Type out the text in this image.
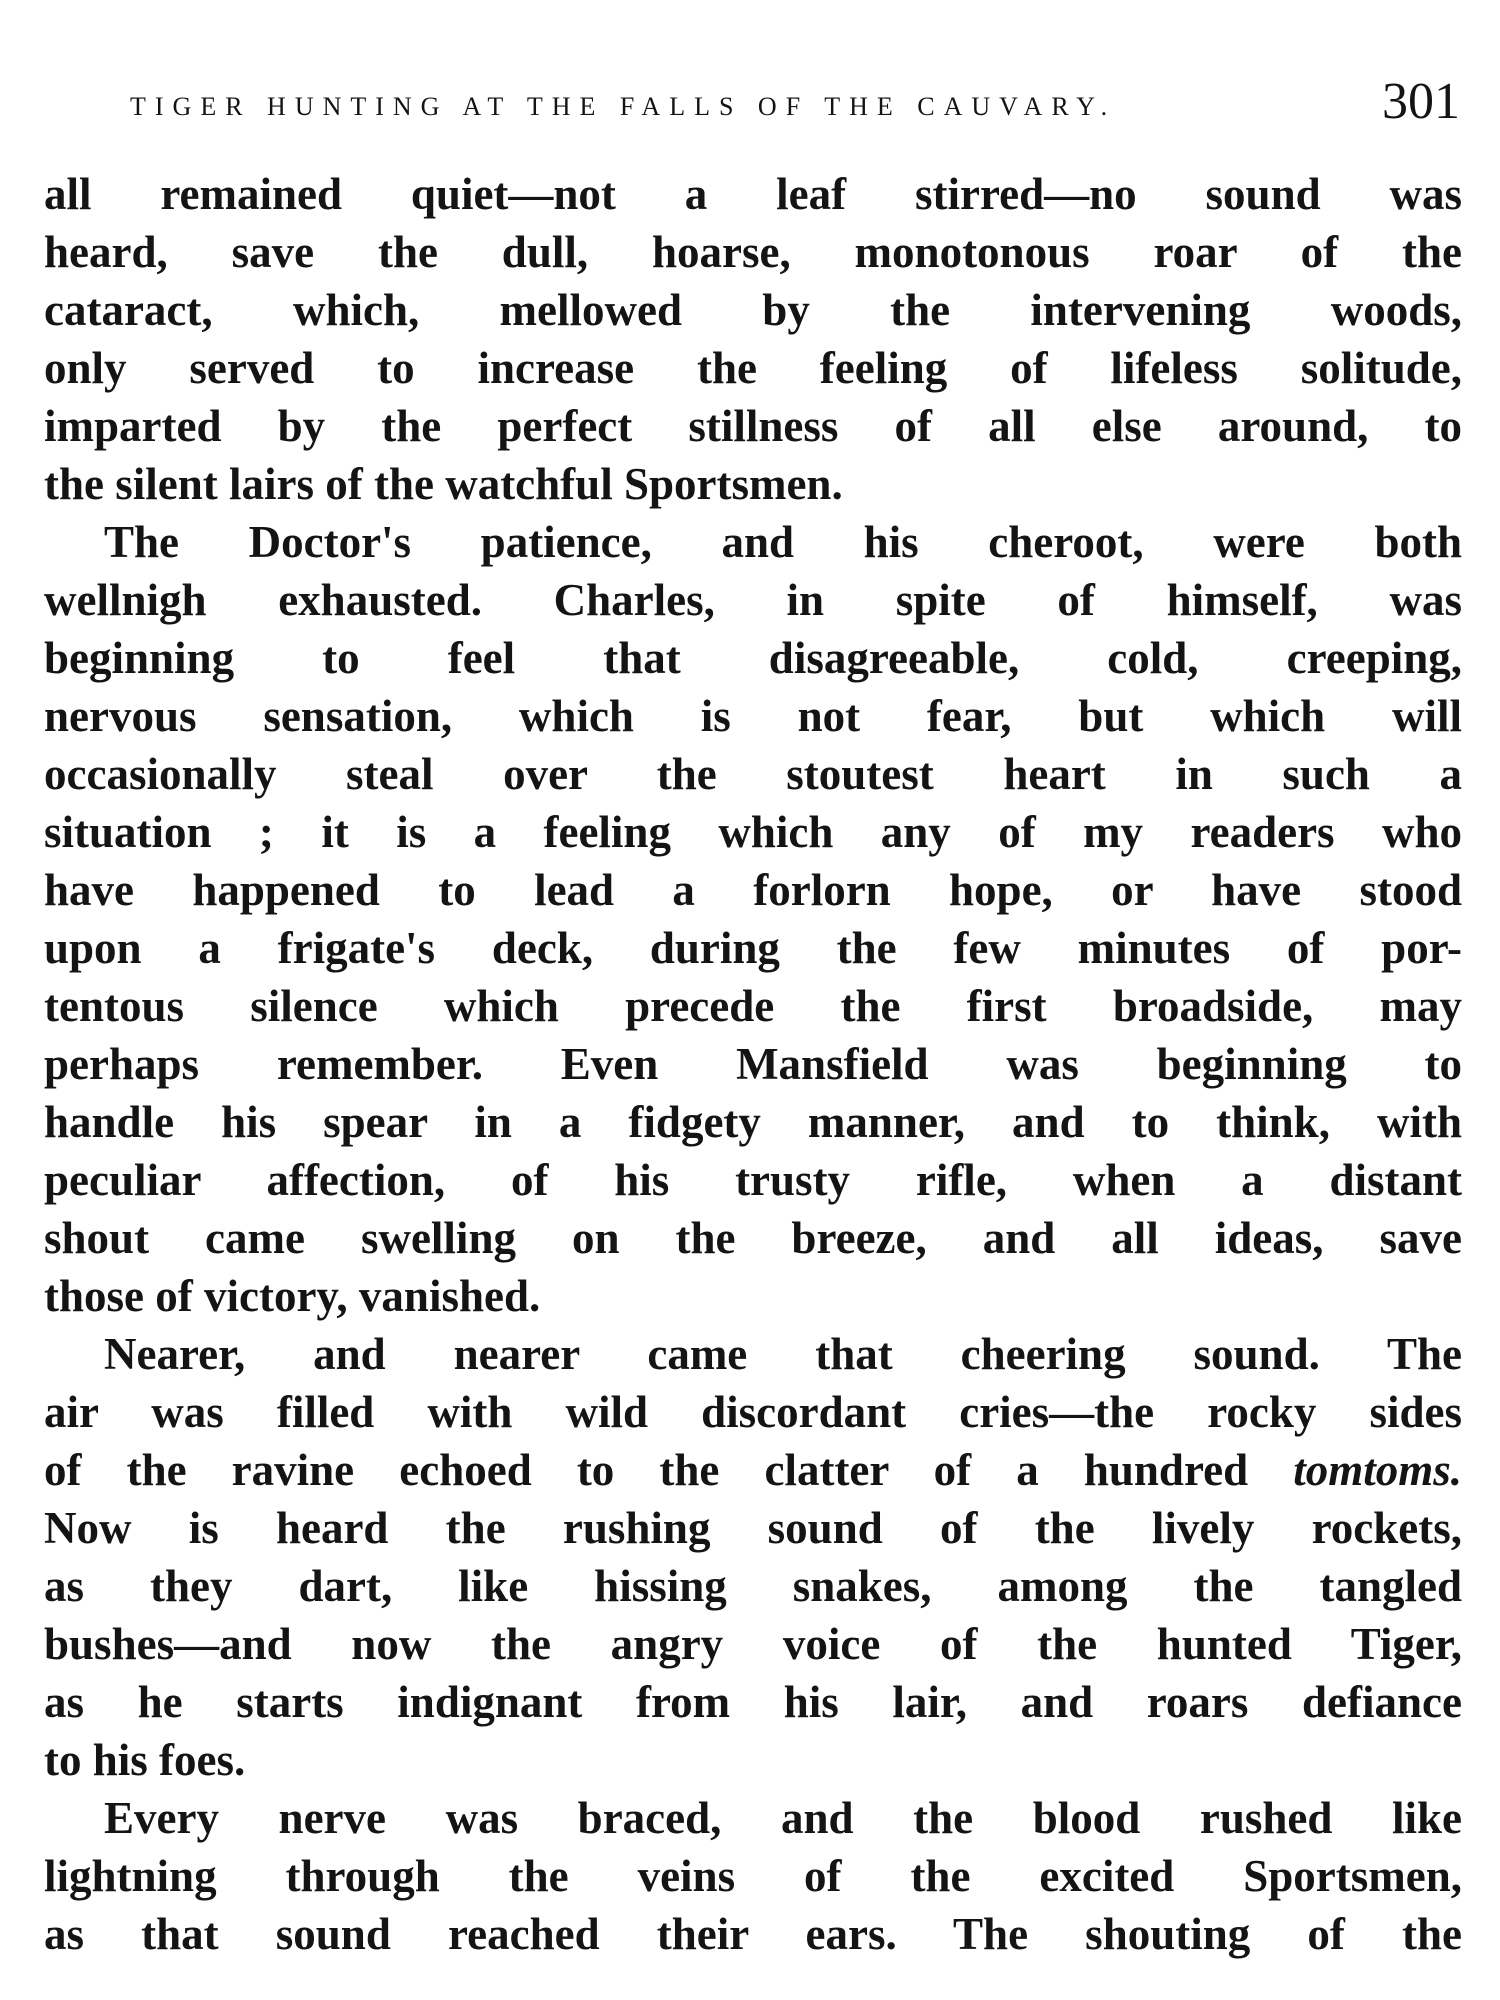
TIGER HUNTING AT THE FALLS OF THE CAUVARY.	301
all remained quiet—not a leaf stirred—no sound was
heard, save the dull, hoarse, monotonous roar of the
cataract, which, mellowed by the intervening woods,
only served to increase the feeling of lifeless solitude,
imparted by the perfect stillness of all else around, to
the silent lairs of the watchful Sportsmen.
The Doctor's patience, and his cheroot, were both
wellnigh exhausted. Charles, in spite of himself, was
beginning to feel that disagreeable, cold, creeping,
nervous sensation, which is not fear, but which will
occasionally steal over the stoutest heart in such a
situation ; it is a feeling which any of my readers who
have happened to lead a forlorn hope, or have stood
upon a frigate's deck, during the few minutes of por-
tentous silence which precede the first broadside, may
perhaps remember. Even Mansfield was beginning to
handle his spear in a fidgety manner, and to think, with
peculiar affection, of his trusty rifle, when a distant
shout came swelling on the breeze, and all ideas, save
those of victory, vanished.
Nearer, and nearer came that cheering sound. The
air was filled with wild discordant cries—the rocky sides
of the ravine echoed to the clatter of a hundred tomtoms.
Now is heard the rushing sound of the lively rockets,
as they dart, like hissing snakes, among the tangled
bushes—and now the angry voice of the hunted Tiger,
as he starts indignant from his lair, and roars defiance
to his foes.
Every nerve was braced, and the blood rushed like
lightning through the veins of the excited Sportsmen,
as that sound reached their ears. The shouting of the
